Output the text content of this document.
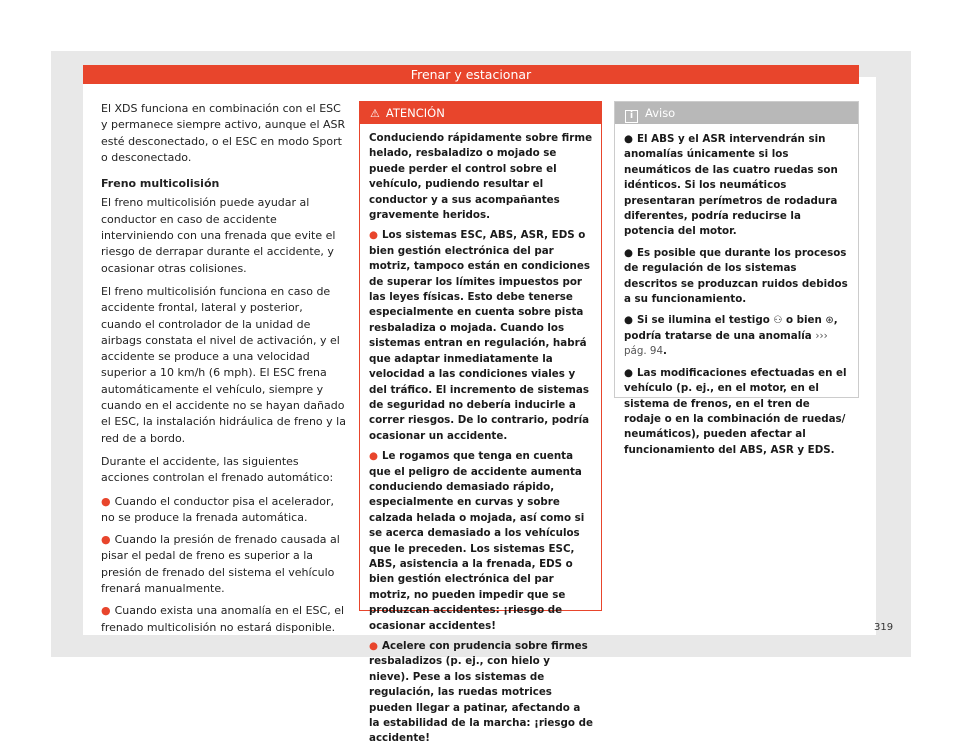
Frenar y estacionar

El XDS funciona en combinación con el ESC y permanece siempre activo, aunque el ASR esté desconectado, o el ESC en modo Sport o desconectado.

Freno multicolisión

El freno multicolisión puede ayudar al conductor en caso de accidente interviniendo con una frenada que evite el riesgo de derrapar durante el accidente, y ocasionar otras colisiones.

El freno multicolisión funciona en caso de accidente frontal, lateral y posterior, cuando el controlador de la unidad de airbags constata el nivel de activación, y el accidente se produce a una velocidad superior a 10 km/h (6 mph). El ESC frena automáticamente el vehículo, siempre y cuando en el accidente no se hayan dañado el ESC, la instalación hidráulica de freno y la red de a bordo.

Durante el accidente, las siguientes acciones controlan el frenado automático:

● Cuando el conductor pisa el acelerador, no se produce la frenada automática.

● Cuando la presión de frenado causada al pisar el pedal de freno es superior a la presión de frenado del sistema el vehículo frenará manualmente.

● Cuando exista una anomalía en el ESC, el frenado multicolisión no estará disponible.

⚠ ATENCIÓN

Conduciendo rápidamente sobre firme helado, resbaladizo o mojado se puede perder el control sobre el vehículo, pudiendo resultar el conductor y a sus acompañantes gravemente heridos.

● Los sistemas ESC, ABS, ASR, EDS o bien gestión electrónica del par motriz, tampoco están en condiciones de superar los límites impuestos por las leyes físicas. Esto debe tenerse especialmente en cuenta sobre pista resbaladiza o mojada. Cuando los sistemas entran en regulación, habrá que adaptar inmediatamente la velocidad a las condiciones viales y del tráfico. El incremento de sistemas de seguridad no debería inducirle a correr riesgos. De lo contrario, podría ocasionar un accidente.

● Le rogamos que tenga en cuenta que el peligro de accidente aumenta conduciendo demasiado rápido, especialmente en curvas y sobre calzada helada o mojada, así como si se acerca demasiado a los vehículos que le preceden. Los sistemas ESC, ABS, asistencia a la frenada, EDS o bien gestión electrónica del par motriz, no pueden impedir que se produzcan accidentes: ¡riesgo de ocasionar accidentes!

● Acelere con prudencia sobre firmes resbaladizos (p. ej., con hielo y nieve). Pese a los sistemas de regulación, las ruedas motrices pueden llegar a patinar, afectando a la estabilidad de la marcha: ¡riesgo de accidente!

i Aviso

● El ABS y el ASR intervendrán sin anomalías únicamente si los neumáticos de las cuatro ruedas son idénticos. Si los neumáticos presentaran perímetros de rodadura diferentes, podría reducirse la potencia del motor.

● Es posible que durante los procesos de regulación de los sistemas descritos se produzcan ruidos debidos a su funcionamiento.

● Si se ilumina el testigo ⚇ o bien ⊛, podría tratarse de una anomalía ››› pág. 94.

● Las modificaciones efectuadas en el vehículo (p. ej., en el motor, en el sistema de frenos, en el tren de rodaje o en la combinación de ruedas/ neumáticos), pueden afectar al funcionamiento del ABS, ASR y EDS.

319
